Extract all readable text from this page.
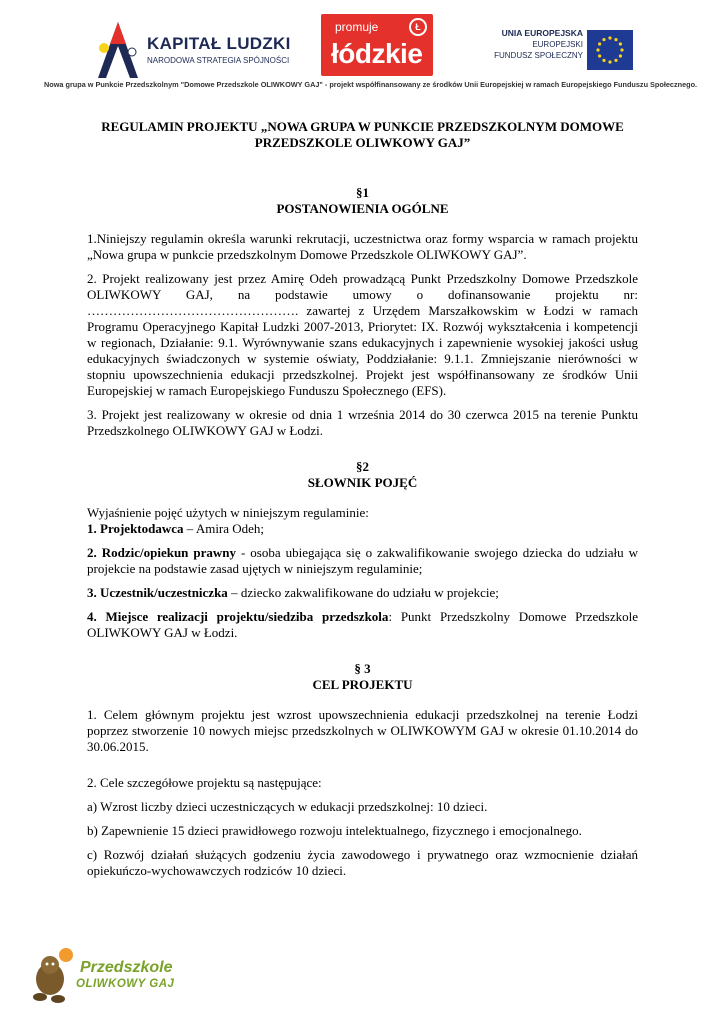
KAPITAŁ LUDZKI
NARODOWA STRATEGIA SPÓJNOŚCI
Ł
promuje
łódzkie
UNIA EUROPEJSKA
EUROPEJSKI
FUNDUSZ SPOŁECZNY
Nowa grupa w Punkcie Przedszkolnym "Domowe Przedszkole OLIWKOWY GAJ" - projekt współfinansowany ze środków Unii Europejskiej w ramach Europejskiego Funduszu Społecznego.
REGULAMIN PROJEKTU „NOWA GRUPA W PUNKCIE PRZEDSZKOLNYM DOMOWE PRZEDSZKOLE OLIWKOWY GAJ”
§1
POSTANOWIENIA OGÓLNE

1.Niniejszy regulamin określa warunki rekrutacji, uczestnictwa oraz formy wsparcia w ramach projektu „Nowa grupa w punkcie przedszkolnym Domowe Przedszkole OLIWKOWY GAJ”.

2. Projekt realizowany jest przez Amirę Odeh prowadzącą Punkt Przedszkolny Domowe Przedszkole OLIWKOWY GAJ, na podstawie umowy o dofinansowanie projektu nr: …………………………………………. zawartej z Urzędem Marszałkowskim w Łodzi w ramach Programu Operacyjnego Kapitał Ludzki 2007-2013, Priorytet: IX. Rozwój wykształcenia i kompetencji w regionach, Działanie: 9.1. Wyrównywanie szans edukacyjnych i zapewnienie wysokiej jakości usług edukacyjnych świadczonych w systemie oświaty, Poddziałanie: 9.1.1. Zmniejszanie nierówności w stopniu upowszechnienia edukacji przedszkolnej. Projekt jest współfinansowany ze środków Unii Europejskiej w ramach Europejskiego Funduszu Społecznego (EFS).

3. Projekt jest realizowany w okresie od dnia 1 września 2014 do 30 czerwca 2015 na terenie Punktu Przedszkolnego OLIWKOWY GAJ w Łodzi.

§2
SŁOWNIK POJĘĆ

Wyjaśnienie pojęć użytych w niniejszym regulaminie:

1. Projektodawca – Amira Odeh;

2. Rodzic/opiekun prawny - osoba ubiegająca się o zakwalifikowanie swojego dziecka do udziału w projekcie na podstawie zasad ujętych w niniejszym regulaminie;

3. Uczestnik/uczestniczka – dziecko zakwalifikowane do udziału w projekcie;

4. Miejsce realizacji projektu/siedziba przedszkola: Punkt Przedszkolny Domowe Przedszkole OLIWKOWY GAJ w Łodzi.

§ 3
CEL PROJEKTU

1. Celem głównym projektu jest wzrost upowszechnienia edukacji przedszkolnej na terenie Łodzi poprzez stworzenie 10 nowych miejsc przedszkolnych w OLIWKOWYM GAJ w okresie 01.10.2014 do 30.06.2015.

2. Cele szczegółowe projektu są następujące:

a) Wzrost liczby dzieci uczestniczących w edukacji przedszkolnej: 10 dzieci.

b) Zapewnienie 15 dzieci prawidłowego rozwoju intelektualnego, fizycznego i emocjonalnego.

c) Rozwój działań służących godzeniu życia zawodowego i prywatnego oraz wzmocnienie działań opiekuńczo-wychowawczych rodziców 10 dzieci.

Przedszkole
OLIWKOWY GAJ
